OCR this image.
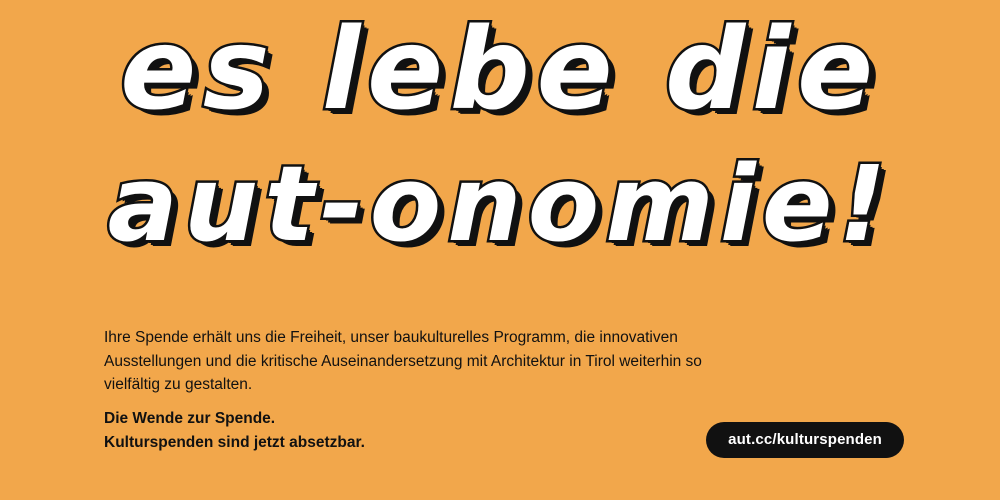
es lebe die
aut-onomie!

Ihre Spende erhält uns die Freiheit, unser baukulturelles Programm, die innovativen Ausstellungen und die kritische Auseinandersetzung mit Architektur in Tirol weiterhin so vielfältig zu gestalten.

Die Wende zur Spende.

Kulturspenden sind jetzt absetzbar.	aut.cc/kulturspenden
